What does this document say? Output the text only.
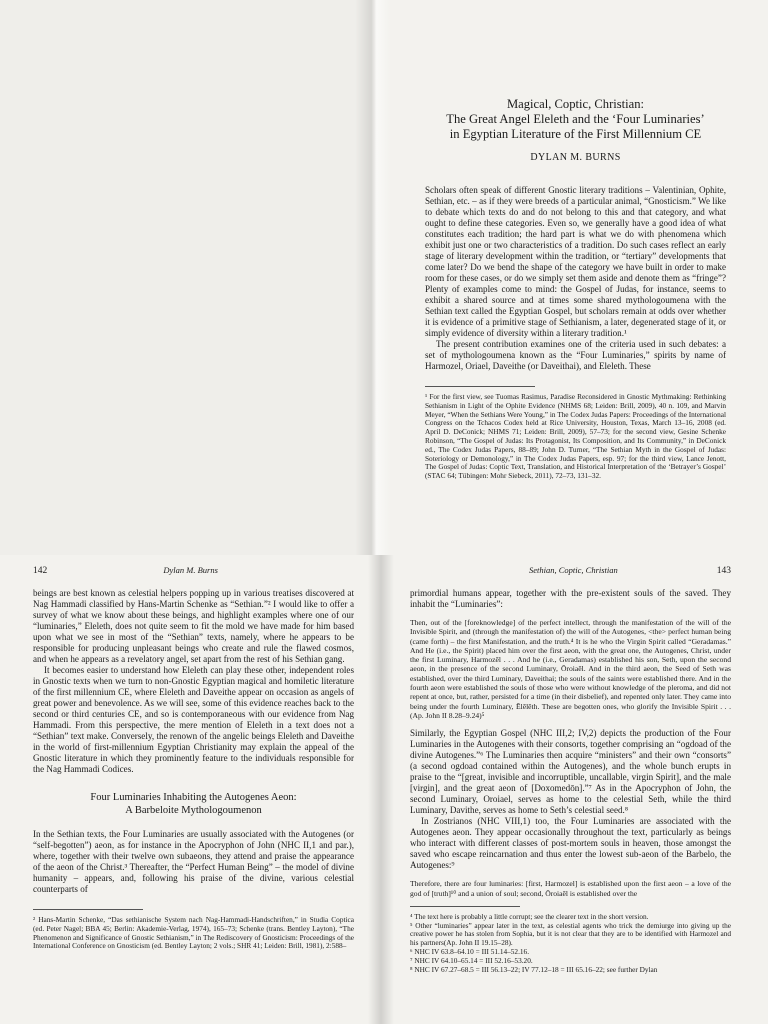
Magical, Coptic, Christian:

The Great Angel Eleleth and the ‘Four Luminaries’

in Egyptian Literature of the First Millennium CE

DYLAN M. BURNS

Scholars often speak of different Gnostic literary traditions – Valentinian, Ophite, Sethian, etc. – as if they were breeds of a particular animal, “Gnosticism.” We like to debate which texts do and do not belong to this and that category, and what ought to define these categories. Even so, we generally have a good idea of what constitutes each tradition; the hard part is what we do with phenomena which exhibit just one or two characteristics of a tradition. Do such cases reflect an early stage of literary development within the tradition, or “tertiary” developments that come later? Do we bend the shape of the category we have built in order to make room for these cases, or do we simply set them aside and denote them as “fringe”? Plenty of examples come to mind: the Gospel of Judas, for instance, seems to exhibit a shared source and at times some shared mythologoumena with the Sethian text called the Egyptian Gospel, but scholars remain at odds over whether it is evidence of a primitive stage of Sethianism, a later, degenerated stage of it, or simply evidence of diversity within a literary tradition.¹

The present contribution examines one of the criteria used in such debates: a set of mythologoumena known as the “Four Luminaries,” spirits by name of Harmozel, Oriael, Daveithe (or Daveithai), and Eleleth. These

¹ For the first view, see Tuomas Rasimus, Paradise Reconsidered in Gnostic Mythmaking: Rethinking Sethianism in Light of the Ophite Evidence (NHMS 68; Leiden: Brill, 2009), 40 n. 109, and Marvin Meyer, “When the Sethians Were Young,” in The Codex Judas Papers: Proceedings of the International Congress on the Tchacos Codex held at Rice University, Houston, Texas, March 13–16, 2008 (ed. April D. DeConick; NHMS 71; Leiden: Brill, 2009), 57–73; for the second view, Gesine Schenke Robinson, “The Gospel of Judas: Its Protagonist, Its Composition, and Its Community,” in DeConick ed., The Codex Judas Papers, 88–89; John D. Turner, “The Sethian Myth in the Gospel of Judas: Soteriology or Demonology,” in The Codex Judas Papers, esp. 97; for the third view, Lance Jenott, The Gospel of Judas: Coptic Text, Translation, and Historical Interpretation of the ‘Betrayer’s Gospel’ (STAC 64; Tübingen: Mohr Siebeck, 2011), 72–73, 131–32.

142	Dylan M. Burns

beings are best known as celestial helpers popping up in various treatises discovered at Nag Hammadi classified by Hans-Martin Schenke as “Sethian.”² I would like to offer a survey of what we know about these beings, and highlight examples where one of our “luminaries,” Eleleth, does not quite seem to fit the mold we have made for him based upon what we see in most of the “Sethian” texts, namely, where he appears to be responsible for producing unpleasant beings who create and rule the flawed cosmos, and when he appears as a revelatory angel, set apart from the rest of his Sethian gang.

It becomes easier to understand how Eleleth can play these other, independent roles in Gnostic texts when we turn to non-Gnostic Egyptian magical and homiletic literature of the first millennium CE, where Eleleth and Daveithe appear on occasion as angels of great power and benevolence. As we will see, some of this evidence reaches back to the second or third centuries CE, and so is contemporaneous with our evidence from Nag Hammadi. From this perspective, the mere mention of Eleleth in a text does not a “Sethian” text make. Conversely, the renown of the angelic beings Eleleth and Daveithe in the world of first-millennium Egyptian Christianity may explain the appeal of the Gnostic literature in which they prominently feature to the individuals responsible for the Nag Hammadi Codices.

Four Luminaries Inhabiting the Autogenes Aeon:
A Barbeloite Mythologoumenon

In the Sethian texts, the Four Luminaries are usually associated with the Autogenes (or “self-begotten”) aeon, as for instance in the Apocryphon of John (NHC II,1 and par.), where, together with their twelve own subaeons, they attend and praise the appearance of the aeon of the Christ.³ Thereafter, the “Perfect Human Being” – the model of divine humanity – appears, and, following his praise of the divine, various celestial counterparts of

² Hans-Martin Schenke, “Das sethianische System nach Nag-Hammadi-Handschriften,” in Studia Coptica (ed. Peter Nagel; BBA 45; Berlin: Akademie-Verlag, 1974), 165–73; Schenke (trans. Bentley Layton), “The Phenomenon and Significance of Gnostic Sethianism,” in The Rediscovery of Gnosticism: Proceedings of the International Conference on Gnosticism (ed. Bentley Layton; 2 vols.; SHR 41; Leiden: Brill, 1981), 2:588–

Sethian, Coptic, Christian	143

primordial humans appear, together with the pre-existent souls of the saved. They inhabit the “Luminaries”:

Then, out of the [foreknowledge] of the perfect intellect, through the manifestation of the will of the Invisible Spirit, and (through the manifestation of) the will of the Autogenes, <the> perfect human being (came forth) – the first Manifestation, and the truth.⁴ It is he who the Virgin Spirit called “Geradamas.” And He (i.e., the Spirit) placed him over the first aeon, with the great one, the Autogenes, Christ, under the first Luminary, Harmozēl . . . And he (i.e., Geradamas) established his son, Seth, upon the second aeon, in the presence of the second Luminary, Ōroiaēl. And in the third aeon, the Seed of Seth was established, over the third Luminary, Daveithai; the souls of the saints were established there. And in the fourth aeon were established the souls of those who were without knowledge of the pleroma, and did not repent at once, but, rather, persisted for a time (in their disbelief), and repented only later. They came into being under the fourth Luminary, Ēlēlēth. These are begotten ones, who glorify the Invisible Spirit . . . (Ap. John II 8.28–9.24)⁵

Similarly, the Egyptian Gospel (NHC III,2; IV,2) depicts the production of the Four Luminaries in the Autogenes with their consorts, together comprising an “ogdoad of the divine Autogenes.”⁶ The Luminaries then acquire “ministers” and their own “consorts” (a second ogdoad contained within the Autogenes), and the whole bunch erupts in praise to the “[great, invisible and incorruptible, uncallable, virgin Spirit], and the male [virgin], and the great aeon of [Doxomedōn].”⁷ As in the Apocryphon of John, the second Luminary, Oroiael, serves as home to the celestial Seth, while the third Luminary, Davithe, serves as home to Seth’s celestial seed.⁸

In Zostrianos (NHC VIII,1) too, the Four Luminaries are associated with the Autogenes aeon. They appear occasionally throughout the text, particularly as beings who interact with different classes of post-mortem souls in heaven, those amongst the saved who escape reincarnation and thus enter the lowest sub-aeon of the Barbelo, the Autogenes:⁹

Therefore, there are four luminaries: [first, Harmozel] is established upon the first aeon – a love of the god of [truth]¹⁰ and a union of soul; second, Ōroiaēl is established over the

⁴ The text here is probably a little corrupt; see the clearer text in the short version.

⁵ Other “luminaries” appear later in the text, as celestial agents who trick the demiurge into giving up the creative power he has stolen from Sophia, but it is not clear that they are to be identified with Harmozel and his partners(Ap. John II 19.15–28).

⁶ NHC IV 63.8–64.10 = III 51.14–52.16.

⁷ NHC IV 64.10–65.14 = III 52.16–53.20.

⁸ NHC IV 67.27–68.5 = III 56.13–22; IV 77.12–18 = III 65.16–22; see further Dylan
